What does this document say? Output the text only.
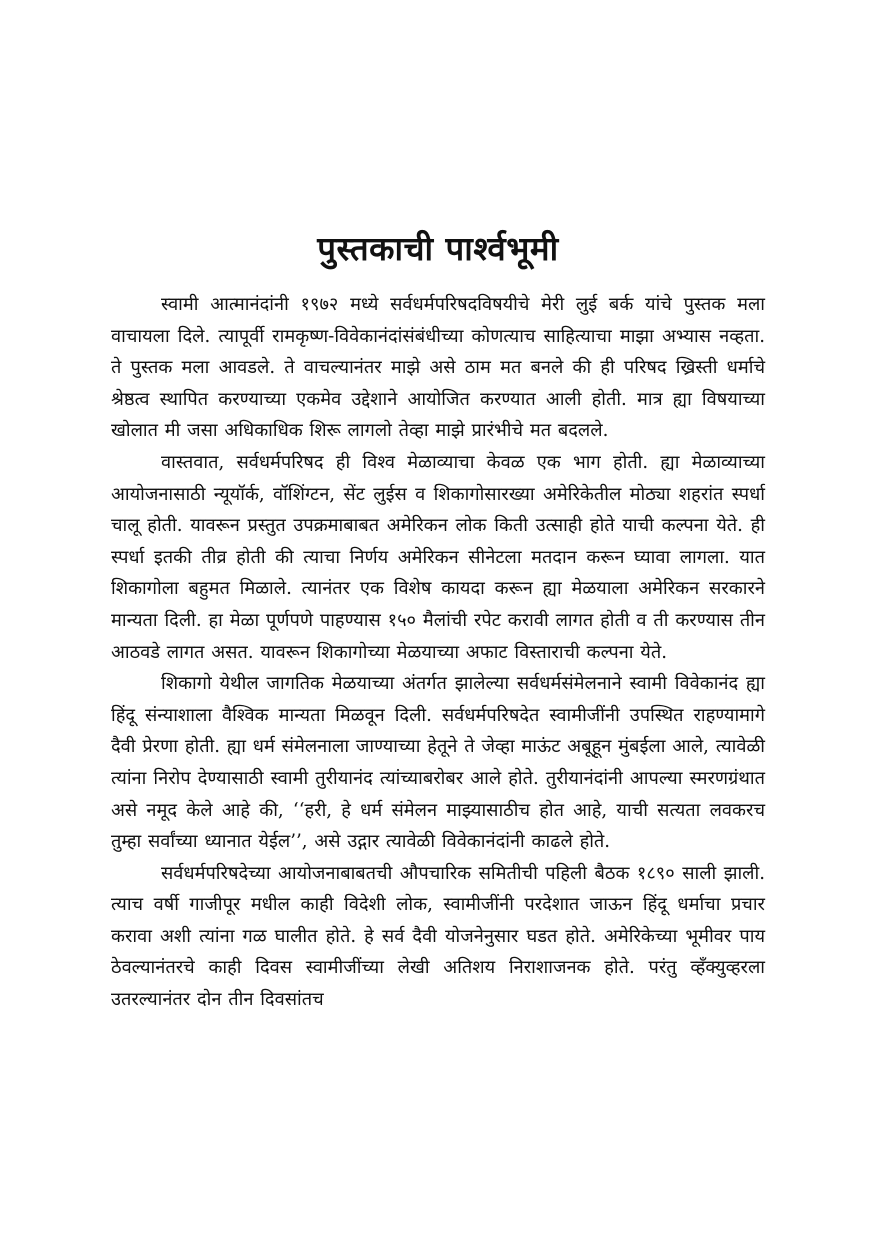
पुस्तकाची पार्श्वभूमी

स्वामी आत्मानंदांनी १९७२ मध्ये सर्वधर्मपरिषदविषयीचे मेरी लुई बर्क यांचे पुस्तक मला वाचायला दिले. त्यापूर्वी रामकृष्ण-विवेकानंदांसंबंधीच्या कोणत्याच साहित्याचा माझा अभ्यास नव्हता. ते पुस्तक मला आवडले. ते वाचल्यानंतर माझे असे ठाम मत बनले की ही परिषद ख्रिस्ती धर्माचे श्रेष्ठत्व स्थापित करण्याच्या एकमेव उद्देशाने आयोजित करण्यात आली होती. मात्र ह्या विषयाच्या खोलात मी जसा अधिकाधिक शिरू लागलो तेव्हा माझे प्रारंभीचे मत बदलले.

वास्तवात, सर्वधर्मपरिषद ही विश्व मेळाव्याचा केवळ एक भाग होती. ह्या मेळाव्याच्या आयोजनासाठी न्यूयॉर्क, वॉशिंग्टन, सेंट लुईस व शिकागोसारख्या अमेरिकेतील मोठ्या शहरांत स्पर्धा चालू होती. यावरून प्रस्तुत उपक्रमाबाबत अमेरिकन लोक किती उत्साही होते याची कल्पना येते. ही स्पर्धा इतकी तीव्र होती की त्याचा निर्णय अमेरिकन सीनेटला मतदान करून घ्यावा लागला. यात शिकागोला बहुमत मिळाले. त्यानंतर एक विशेष कायदा करून ह्या मेळयाला अमेरिकन सरकारने मान्यता दिली. हा मेळा पूर्णपणे पाहण्यास १५० मैलांची रपेट करावी लागत होती व ती करण्यास तीन आठवडे लागत असत. यावरून शिकागोच्या मेळयाच्या अफाट विस्ताराची कल्पना येते.

शिकागो येथील जागतिक मेळयाच्या अंतर्गत झालेल्या सर्वधर्मसंमेलनाने स्वामी विवेकानंद ह्या हिंदू संन्याशाला वैश्विक मान्यता मिळवून दिली. सर्वधर्मपरिषदेत स्वामीजींनी उपस्थित राहण्यामागे दैवी प्रेरणा होती. ह्या धर्म संमेलनाला जाण्याच्या हेतूने ते जेव्हा माऊंट अबूहून मुंबईला आले, त्यावेळी त्यांना निरोप देण्यासाठी स्वामी तुरीयानंद त्यांच्याबरोबर आले होते. तुरीयानंदांनी आपल्या स्मरणग्रंथात असे नमूद केले आहे की, ‘‘हरी, हे धर्म संमेलन माझ्यासाठीच होत आहे, याची सत्यता लवकरच तुम्हा सर्वांच्या ध्यानात येईल’’, असे उद्गार त्यावेळी विवेकानंदांनी काढले होते.

सर्वधर्मपरिषदेच्या आयोजनाबाबतची औपचारिक समितीची पहिली बैठक १८९० साली झाली. त्याच वर्षी गाजीपूर मधील काही विदेशी लोक, स्वामीजींनी परदेशात जाऊन हिंदू धर्माचा प्रचार करावा अशी त्यांना गळ घालीत होते. हे सर्व दैवी योजनेनुसार घडत होते. अमेरिकेच्या भूमीवर पाय ठेवल्यानंतरचे काही दिवस स्वामीजींच्या लेखी अतिशय निराशाजनक होते. परंतु व्हँक्युव्हरला उतरल्यानंतर दोन तीन दिवसांतच
